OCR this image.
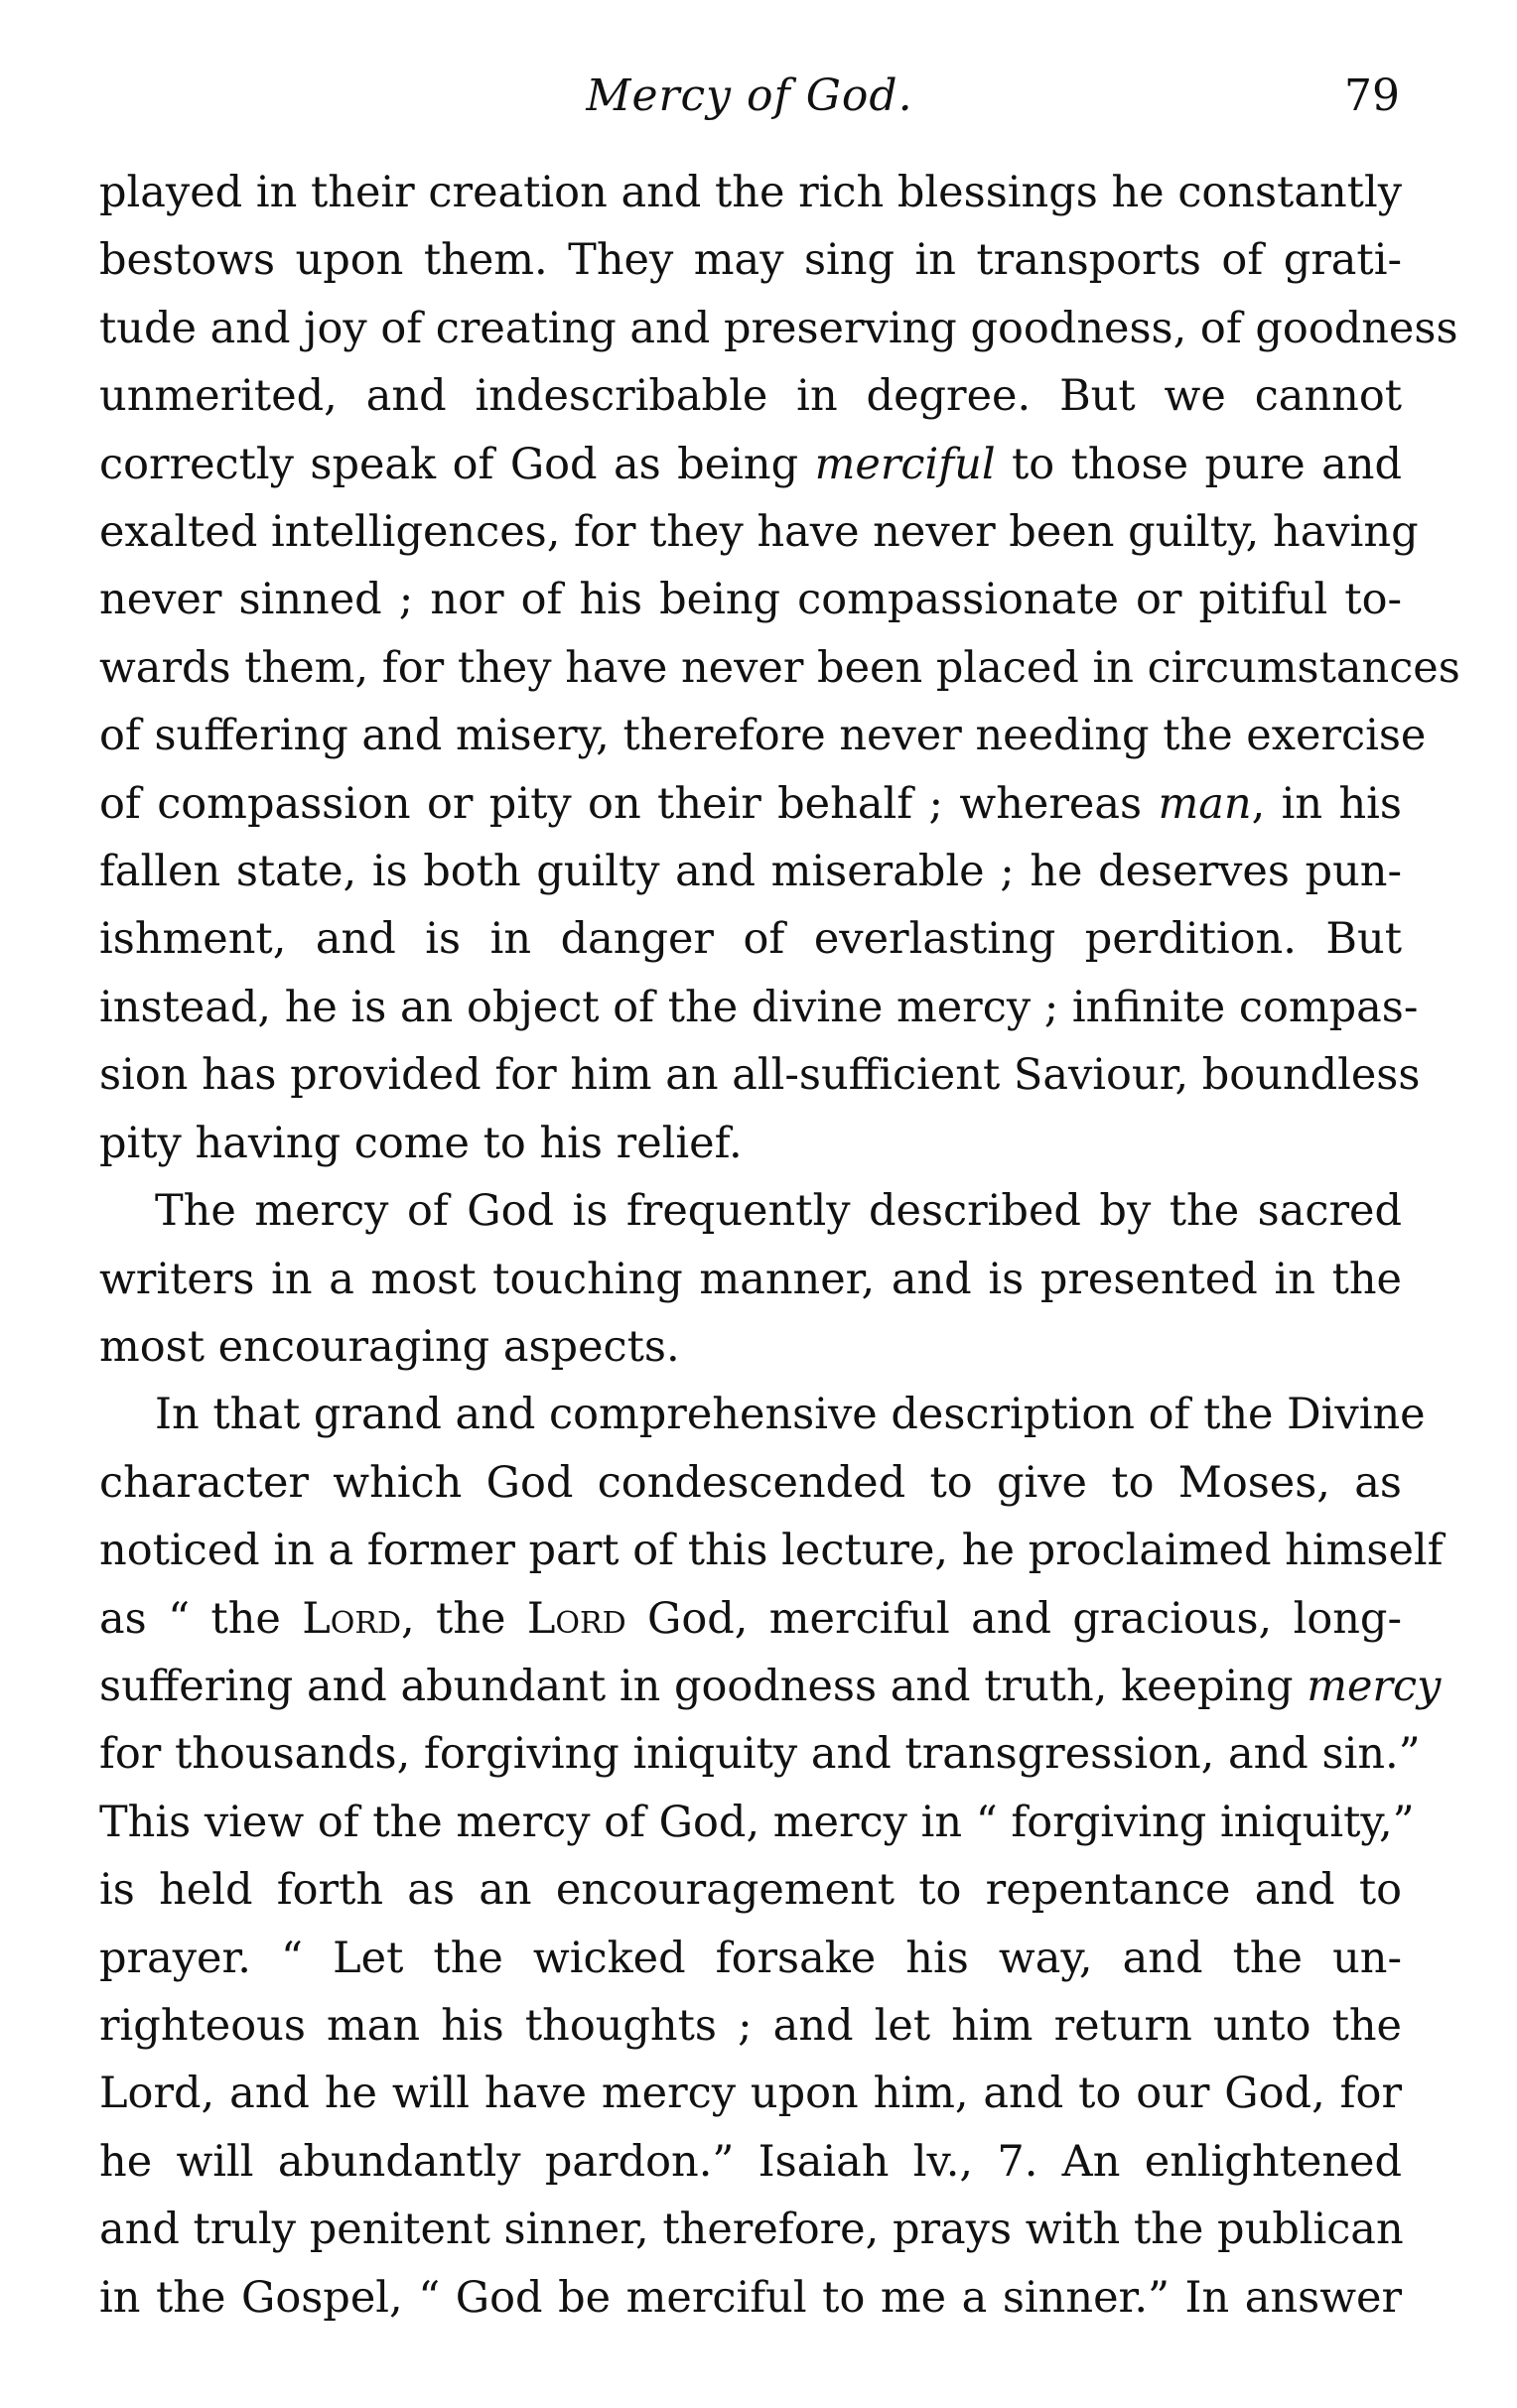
Mercy of God.	79
played in their creation and the rich blessings he constantly
bestows upon them. They may sing in transports of grati-
tude and joy of creating and preserving goodness, of goodness
unmerited, and indescribable in degree. But we cannot
correctly speak of God as being merciful to those pure and
exalted intelligences, for they have never been guilty, having
never sinned ; nor of his being compassionate or pitiful to-
wards them, for they have never been placed in circumstances
of suffering and misery, therefore never needing the exercise
of compassion or pity on their behalf ; whereas man, in his
fallen state, is both guilty and miserable ; he deserves pun-
ishment, and is in danger of everlasting perdition. But
instead, he is an object of the divine mercy ; infinite compas-
sion has provided for him an all-sufficient Saviour, boundless
pity having come to his relief.
The mercy of God is frequently described by the sacred
writers in a most touching manner, and is presented in the
most encouraging aspects.
In that grand and comprehensive description of the Divine
character which God condescended to give to Moses, as
noticed in a former part of this lecture, he proclaimed himself
as “ the Lord, the Lord God, merciful and gracious, long-
suffering and abundant in goodness and truth, keeping mercy
for thousands, forgiving iniquity and transgression, and sin.”
This view of the mercy of God, mercy in “ forgiving iniquity,”
is held forth as an encouragement to repentance and to
prayer. “ Let the wicked forsake his way, and the un-
righteous man his thoughts ; and let him return unto the
Lord, and he will have mercy upon him, and to our God, for
he will abundantly pardon.” Isaiah lv., 7. An enlightened
and truly penitent sinner, therefore, prays with the publican
in the Gospel, “ God be merciful to me a sinner.” In answer
